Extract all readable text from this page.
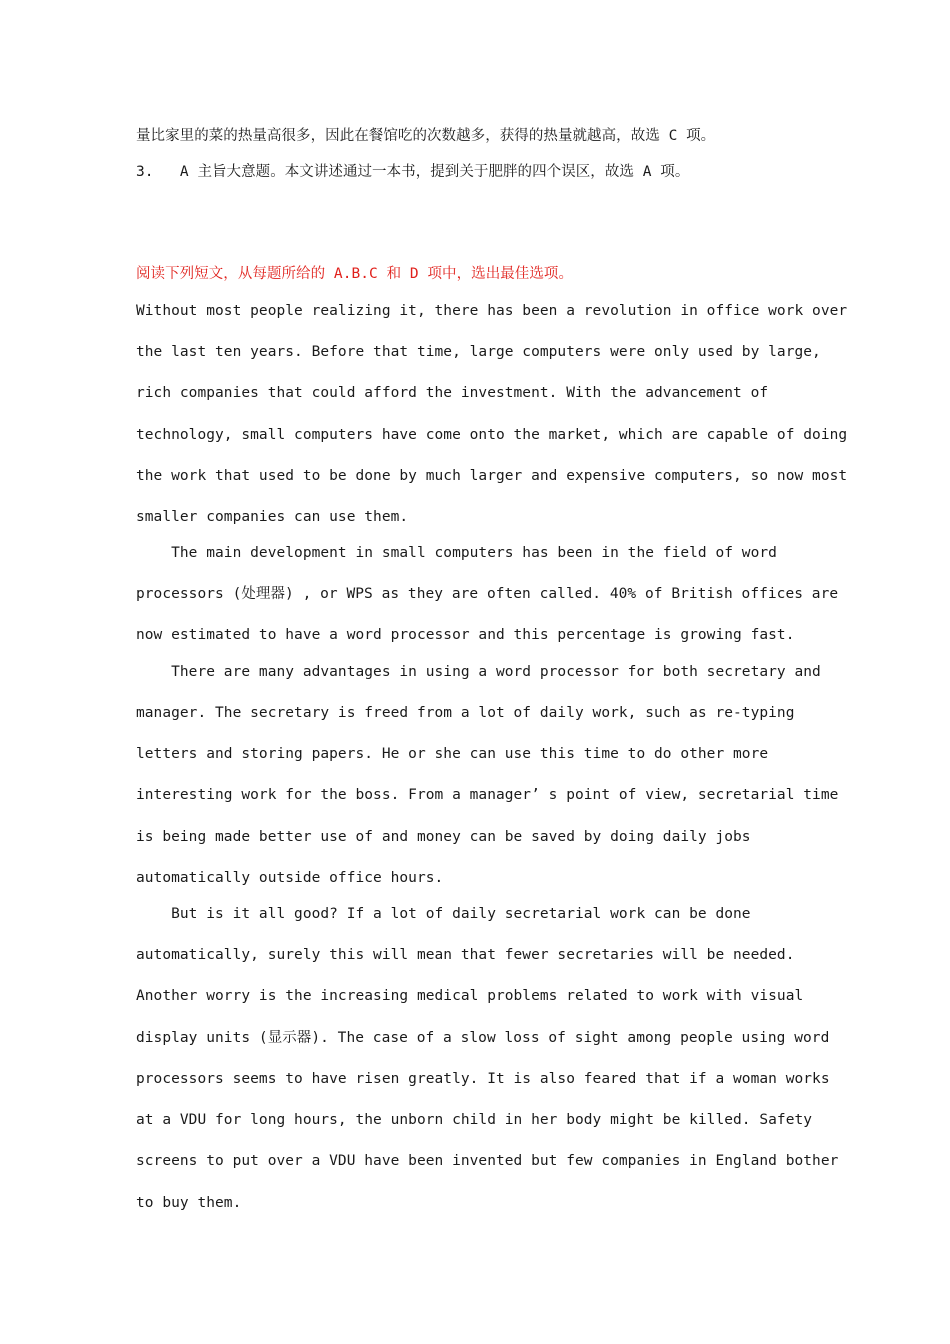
量比家里的菜的热量高很多，因此在餐馆吃的次数越多，获得的热量就越高，故选 C 项。
3.   A 主旨大意题。本文讲述通过一本书，提到关于肥胖的四个误区，故选 A 项。
阅读下列短文，从每题所给的 A.B.C 和 D 项中，选出最佳选项。
Without most people realizing it, there has been a revolution in office work over
the last ten years. Before that time, large computers were only used by large,
rich companies that could afford the investment. With the advancement of
technology, small computers have come onto the market, which are capable of doing
the work that used to be done by much larger and expensive computers, so now most
smaller companies can use them.
The main development in small computers has been in the field of word
processors (处理器) , or WPS as they are often called. 40% of British offices are
now estimated to have a word processor and this percentage is growing fast.
There are many advantages in using a word processor for both secretary and
manager. The secretary is freed from a lot of daily work, such as re-typing
letters and storing papers. He or she can use this time to do other more
interesting work for the boss. From a manager’ s point of view, secretarial time
is being made better use of and money can be saved by doing daily jobs
automatically outside office hours.
But is it all good? If a lot of daily secretarial work can be done
automatically, surely this will mean that fewer secretaries will be needed.
Another worry is the increasing medical problems related to work with visual
display units (显示器). The case of a slow loss of sight among people using word
processors seems to have risen greatly. It is also feared that if a woman works
at a VDU for long hours, the unborn child in her body might be killed. Safety
screens to put over a VDU have been invented but few companies in England bother
to buy them.
